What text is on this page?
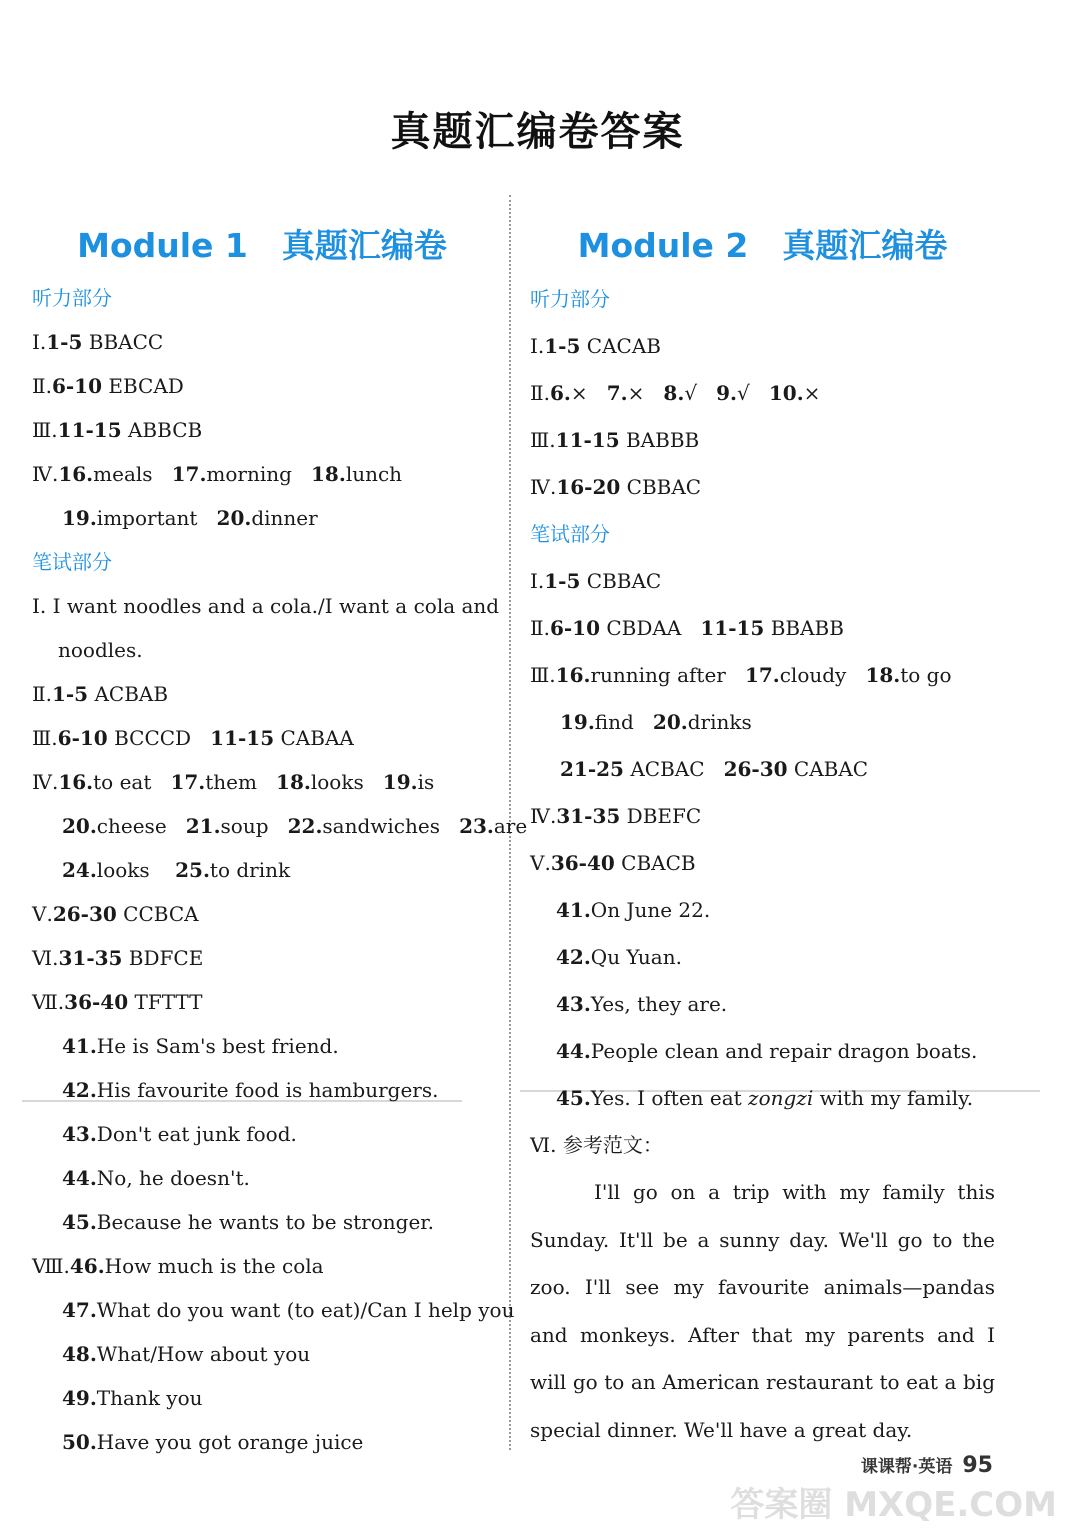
真题汇编卷答案
Module 1 真题汇编卷
听力部分
Ⅰ.1-5 BBACC
Ⅱ.6-10 EBCAD
Ⅲ.11-15 ABBCB
Ⅳ.16.meals 17.morning 18.lunch
19.important 20.dinner
笔试部分
Ⅰ. I want noodles and a cola./I want a cola and
noodles.
Ⅱ.1-5 ACBAB
Ⅲ.6-10 BCCCD 11-15 CABAA
Ⅳ.16.to eat 17.them 18.looks 19.is
20.cheese 21.soup 22.sandwiches 23.are
24.looks 25.to drink
Ⅴ.26-30 CCBCA
Ⅵ.31-35 BDFCE
Ⅶ.36-40 TFTTT
41.He is Sam's best friend.
42.His favourite food is hamburgers.
43.Don't eat junk food.
44.No, he doesn't.
45.Because he wants to be stronger.
Ⅷ.46.How much is the cola
47.What do you want (to eat)/Can I help you
48.What/How about you
49.Thank you
50.Have you got orange juice
Module 2 真题汇编卷
听力部分
Ⅰ.1-5 CACAB
Ⅱ.6.× 7.× 8.√ 9.√ 10.×
Ⅲ.11-15 BABBB
Ⅳ.16-20 CBBAC
笔试部分
Ⅰ.1-5 CBBAC
Ⅱ.6-10 CBDAA 11-15 BBABB
Ⅲ.16.running after 17.cloudy 18.to go
19.find 20.drinks
21-25 ACBAC 26-30 CABAC
Ⅳ.31-35 DBEFC
Ⅴ.36-40 CBACB
41.On June 22.
42.Qu Yuan.
43.Yes, they are.
44.People clean and repair dragon boats.
45.Yes. I often eat zongzi with my family.
Ⅵ. 参考范文：
I'll go on a trip with my family this Sunday. It'll be a sunny day. We'll go to the zoo. I'll see my favourite animals—pandas and monkeys. After that my parents and I will go to an American restaurant to eat a big special dinner. We'll have a great day.
课课帮·英语 95
答案圈 MXQE.COM
